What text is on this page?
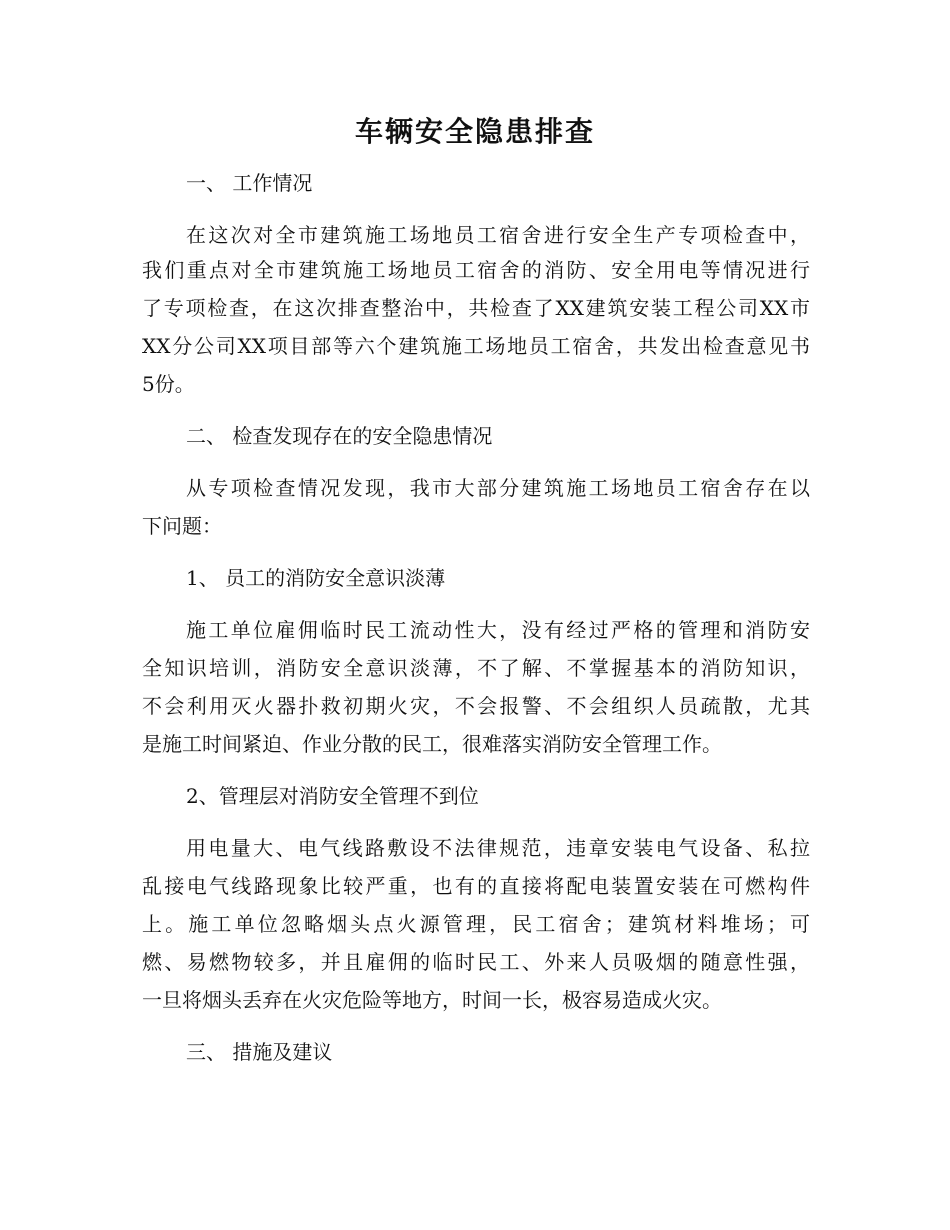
车辆安全隐患排查
一、 工作情况
在这次对全市建筑施工场地员工宿舍进行安全生产专项检查中，
我们重点对全市建筑施工场地员工宿舍的消防、安全用电等情况进行
了专项检查，在这次排查整治中，共检查了XX建筑安装工程公司XX市
XX分公司XX项目部等六个建筑施工场地员工宿舍，共发出检查意见书
5份。
二、 检查发现存在的安全隐患情况
从专项检查情况发现，我市大部分建筑施工场地员工宿舍存在以
下问题：
1、 员工的消防安全意识淡薄
施工单位雇佣临时民工流动性大，没有经过严格的管理和消防安
全知识培训，消防安全意识淡薄，不了解、不掌握基本的消防知识，
不会利用灭火器扑救初期火灾，不会报警、不会组织人员疏散，尤其
是施工时间紧迫、作业分散的民工，很难落实消防安全管理工作。
2、管理层对消防安全管理不到位
用电量大、电气线路敷设不法律规范，违章安装电气设备、私拉
乱接电气线路现象比较严重，也有的直接将配电装置安装在可燃构件
上。施工单位忽略烟头点火源管理，民工宿舍；建筑材料堆场；可
燃、易燃物较多，并且雇佣的临时民工、外来人员吸烟的随意性强，
一旦将烟头丢弃在火灾危险等地方，时间一长，极容易造成火灾。
三、 措施及建议
